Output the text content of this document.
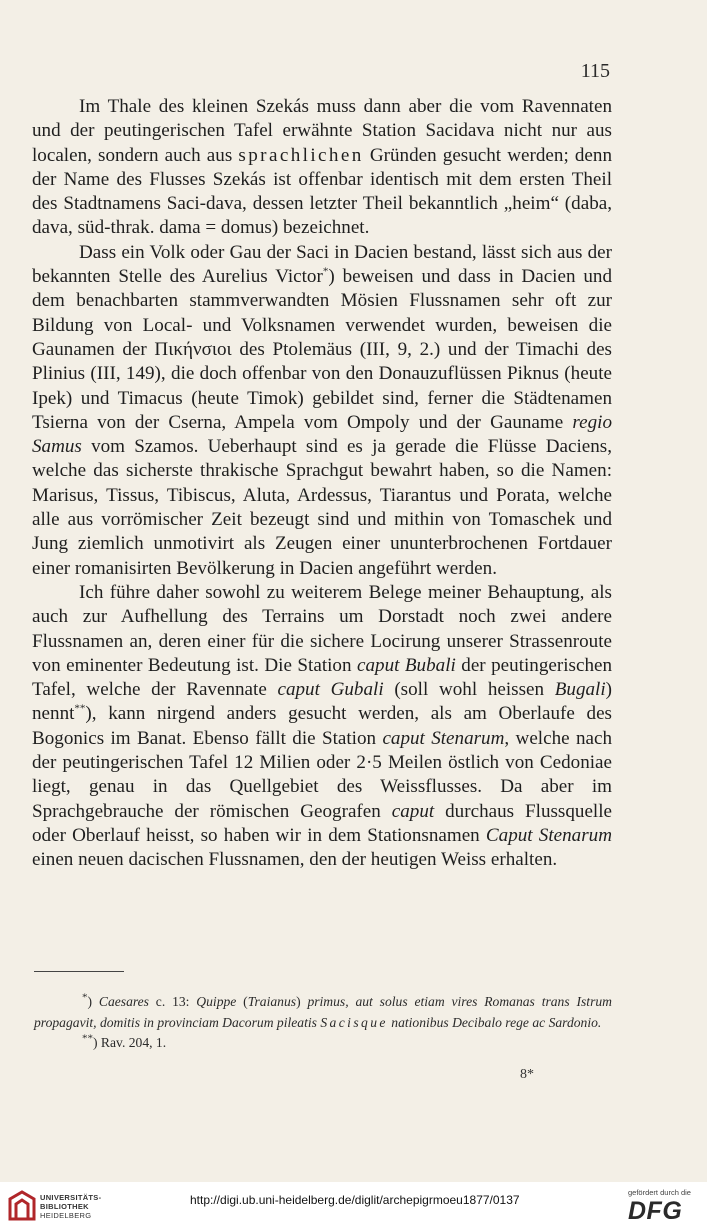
115

Im Thale des kleinen Szekás muss dann aber die vom Ravennaten und der peutingerischen Tafel erwähnte Station Sacidava nicht nur aus localen, sondern auch aus sprachlichen Gründen gesucht werden; denn der Name des Flusses Szekás ist offenbar identisch mit dem ersten Theil des Stadtnamens Saci-dava, dessen letzter Theil bekanntlich „heim“ (daba, dava, süd-thrak. dama = domus) bezeichnet.

Dass ein Volk oder Gau der Saci in Dacien bestand, lässt sich aus der bekannten Stelle des Aurelius Victor*) beweisen und dass in Dacien und dem benachbarten stammverwandten Mösien Flussnamen sehr oft zur Bildung von Local- und Volksnamen verwendet wurden, beweisen die Gaunamen der Πικήνσιοι des Ptolemäus (III, 9, 2.) und der Timachi des Plinius (III, 149), die doch offenbar von den Donauzuflüssen Piknus (heute Ipek) und Timacus (heute Timok) gebildet sind, ferner die Städtenamen Tsierna von der Cserna, Ampela vom Ompoly und der Gauname regio Samus vom Szamos. Ueberhaupt sind es ja gerade die Flüsse Daciens, welche das sicherste thrakische Sprachgut bewahrt haben, so die Namen: Marisus, Tissus, Tibiscus, Aluta, Ardessus, Tiarantus und Porata, welche alle aus vorrömischer Zeit bezeugt sind und mithin von Tomaschek und Jung ziemlich unmotivirt als Zeugen einer ununterbrochenen Fortdauer einer romanisirten Bevölkerung in Dacien angeführt werden.

Ich führe daher sowohl zu weiterem Belege meiner Behauptung, als auch zur Aufhellung des Terrains um Dorstadt noch zwei andere Flussnamen an, deren einer für die sichere Locirung unserer Strassenroute von eminenter Bedeutung ist. Die Station caput Bubali der peutingerischen Tafel, welche der Ravennate caput Gubali (soll wohl heissen Bugali) nennt**), kann nirgend anders gesucht werden, als am Oberlaufe des Bogonics im Banat. Ebenso fällt die Station caput Stenarum, welche nach der peutingerischen Tafel 12 Milien oder 2·5 Meilen östlich von Cedoniae liegt, genau in das Quellgebiet des Weissflusses. Da aber im Sprachgebrauche der römischen Geografen caput durchaus Flussquelle oder Oberlauf heisst, so haben wir in dem Stationsnamen Caput Stenarum einen neuen dacischen Flussnamen, den der heutigen Weiss erhalten.

*) Caesares c. 13: Quippe (Traianus) primus, aut solus etiam vires Romanas trans Istrum propagavit, domitis in provinciam Dacorum pileatis Sacisque nationibus Decibalo rege ac Sardonio.

**) Rav. 204, 1.

8*
UNIVERSITÄTS-
BIBLIOTHEK
HEIDELBERG
http://digi.ub.uni-heidelberg.de/diglit/archepigrmoeu1877/0137
gefördert durch die
DFG
